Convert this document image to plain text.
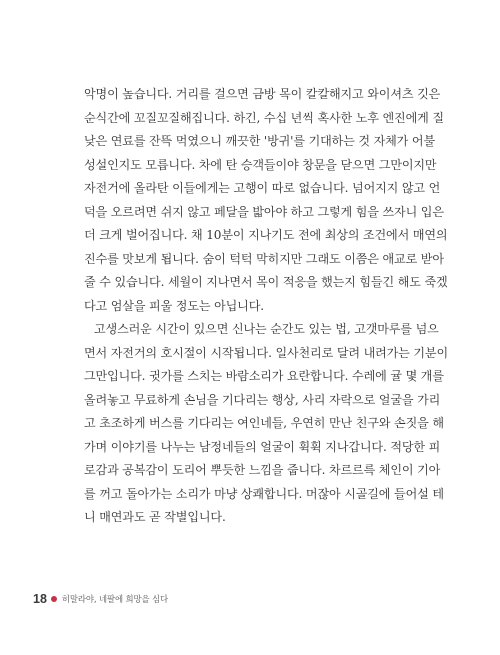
악명이 높습니다. 거리를 걸으면 금방 목이 칼칼해지고 와이셔츠 깃은
순식간에 꼬질꼬질해집니다. 하긴, 수십 년씩 혹사한 노후 엔진에게 질
낮은 연료를 잔뜩 먹였으니 깨끗한 '방귀'를 기대하는 것 자체가 어불
성설인지도 모릅니다. 차에 탄 승객들이야 창문을 닫으면 그만이지만
자전거에 올라탄 이들에게는 고행이 따로 없습니다. 넘어지지 않고 언
덕을 오르려면 쉬지 않고 페달을 밟아야 하고 그렇게 힘을 쓰자니 입은
더 크게 벌어집니다. 채 10분이 지나기도 전에 최상의 조건에서 매연의
진수를 맛보게 됩니다. 숨이 턱턱 막히지만 그래도 이쯤은 애교로 받아
줄 수 있습니다. 세월이 지나면서 목이 적응을 했는지 힘들긴 해도 죽겠
다고 엄살을 피울 정도는 아닙니다.

고생스러운 시간이 있으면 신나는 순간도 있는 법, 고갯마루를 넘으
면서 자전거의 호시절이 시작됩니다. 일사천리로 달려 내려가는 기분이
그만입니다. 귓가를 스치는 바람소리가 요란합니다. 수레에 귤 몇 개를
올려놓고 무료하게 손님을 기다리는 행상, 사리 자락으로 얼굴을 가리
고 초조하게 버스를 기다리는 여인네들, 우연히 만난 친구와 손짓을 해
가며 이야기를 나누는 남정네들의 얼굴이 휙휙 지나갑니다. 적당한 피
로감과 공복감이 도리어 뿌듯한 느낌을 줍니다. 차르르륵 체인이 기아
를 꺼고 돌아가는 소리가 마냥 상쾌합니다. 머잖아 시골길에 들어설 테
니 매연과도 곧 작별입니다.

18 히말라야, 네팔에 희망을 심다
